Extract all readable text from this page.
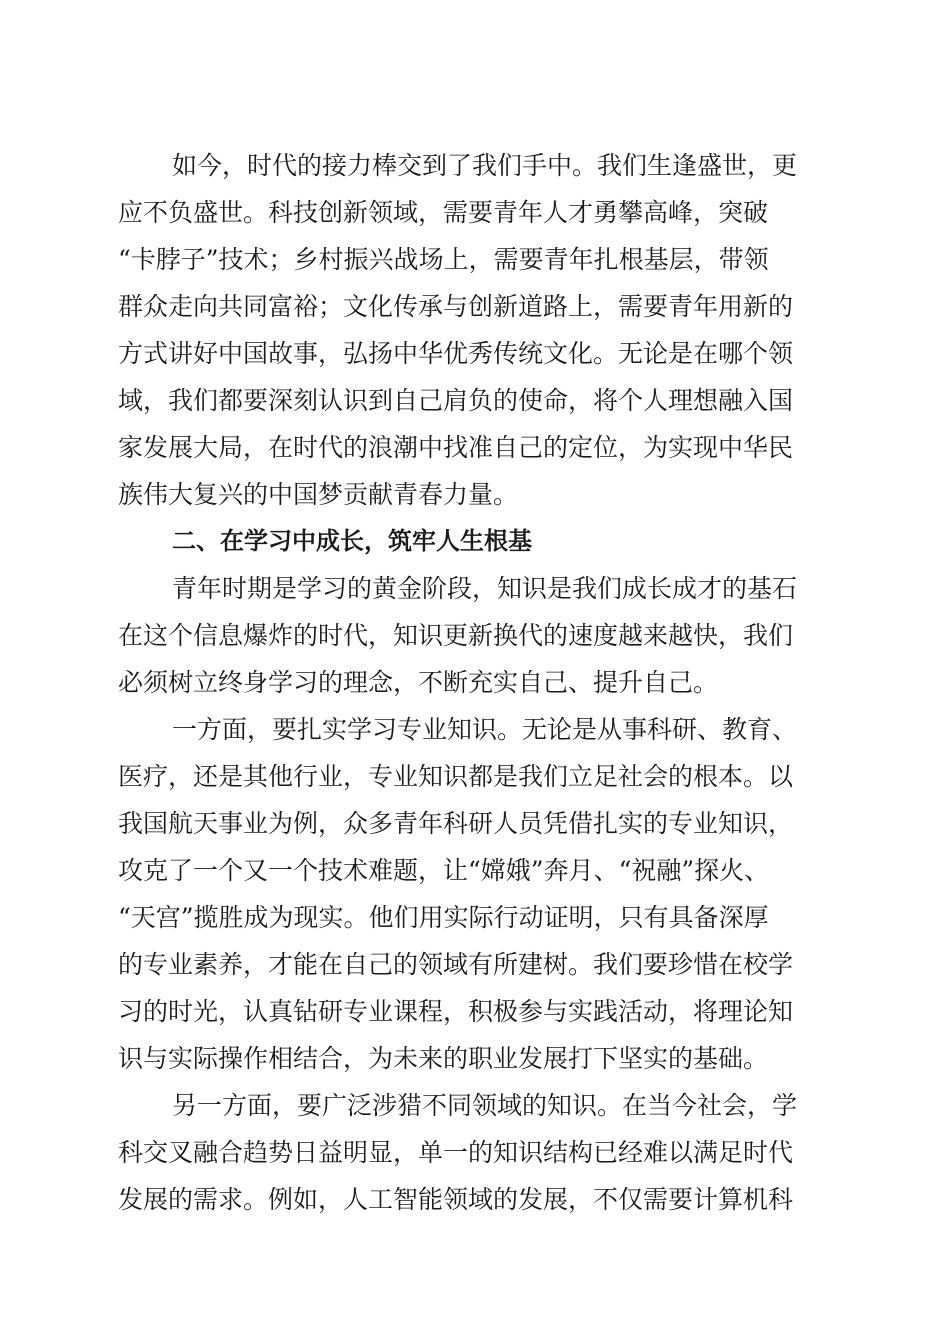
如今，时代的接力棒交到了我们手中。我们生逢盛世，更
应不负盛世。科技创新领域，需要青年人才勇攀高峰，突破
“卡脖子”技术；乡村振兴战场上，需要青年扎根基层，带领
群众走向共同富裕；文化传承与创新道路上，需要青年用新的
方式讲好中国故事，弘扬中华优秀传统文化。无论是在哪个领
域，我们都要深刻认识到自己肩负的使命，将个人理想融入国
家发展大局，在时代的浪潮中找准自己的定位，为实现中华民
族伟大复兴的中国梦贡献青春力量。
二、在学习中成长，筑牢人生根基
青年时期是学习的黄金阶段，知识是我们成长成才的基石
在这个信息爆炸的时代，知识更新换代的速度越来越快，我们
必须树立终身学习的理念，不断充实自己、提升自己。
一方面，要扎实学习专业知识。无论是从事科研、教育、
医疗，还是其他行业，专业知识都是我们立足社会的根本。以
我国航天事业为例，众多青年科研人员凭借扎实的专业知识，
攻克了一个又一个技术难题，让“嫦娥”奔月、“祝融”探火、
“天宫”揽胜成为现实。他们用实际行动证明，只有具备深厚
的专业素养，才能在自己的领域有所建树。我们要珍惜在校学
习的时光，认真钻研专业课程，积极参与实践活动，将理论知
识与实际操作相结合，为未来的职业发展打下坚实的基础。
另一方面，要广泛涉猎不同领域的知识。在当今社会，学
科交叉融合趋势日益明显，单一的知识结构已经难以满足时代
发展的需求。例如，人工智能领域的发展，不仅需要计算机科
